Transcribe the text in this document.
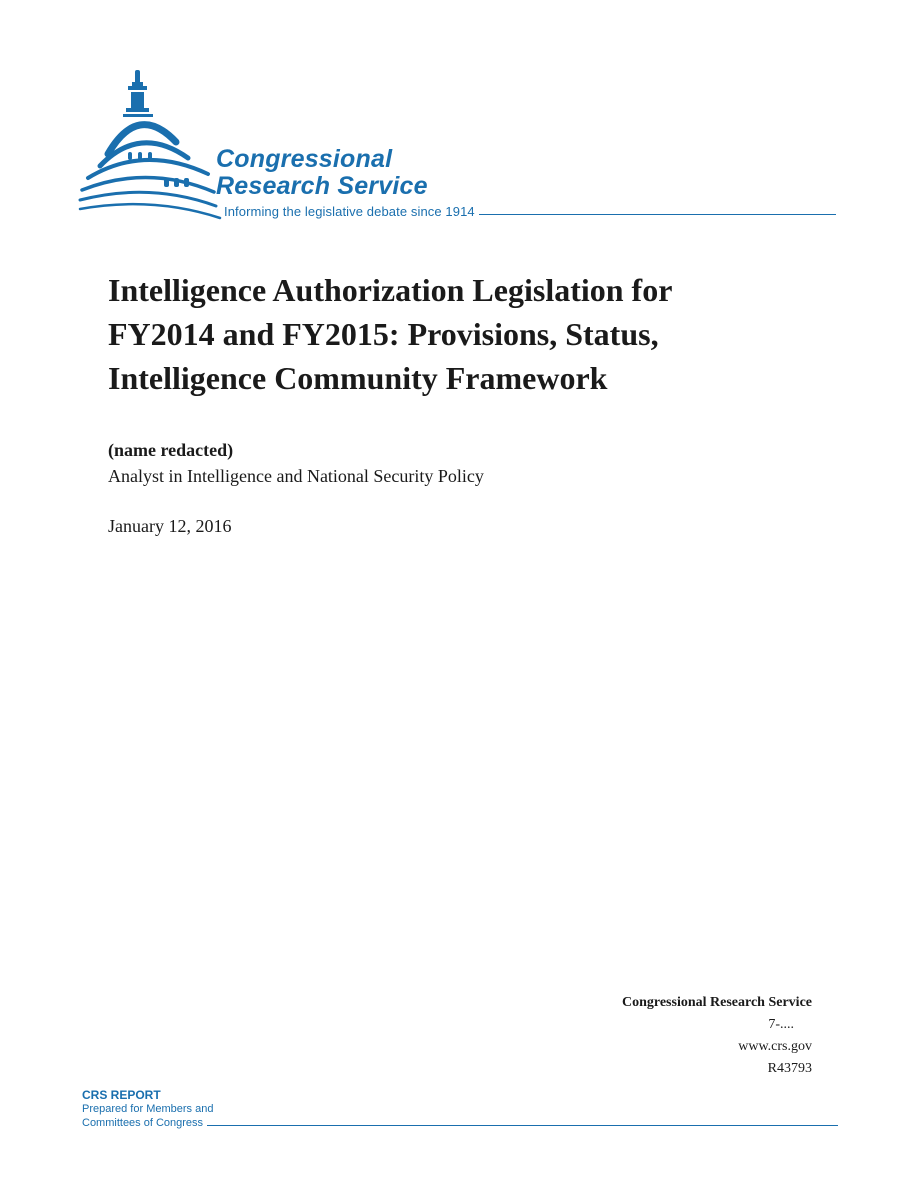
Congressional
Research Service
Informing the legislative debate since 1914
Intelligence Authorization Legislation for
FY2014 and FY2015: Provisions, Status,
Intelligence Community Framework
(name redacted)
Analyst in Intelligence and National Security Policy
January 12, 2016
Congressional Research Service
7-....
www.crs.gov
R43793
CRS REPORT
Prepared for Members and
Committees of Congress
